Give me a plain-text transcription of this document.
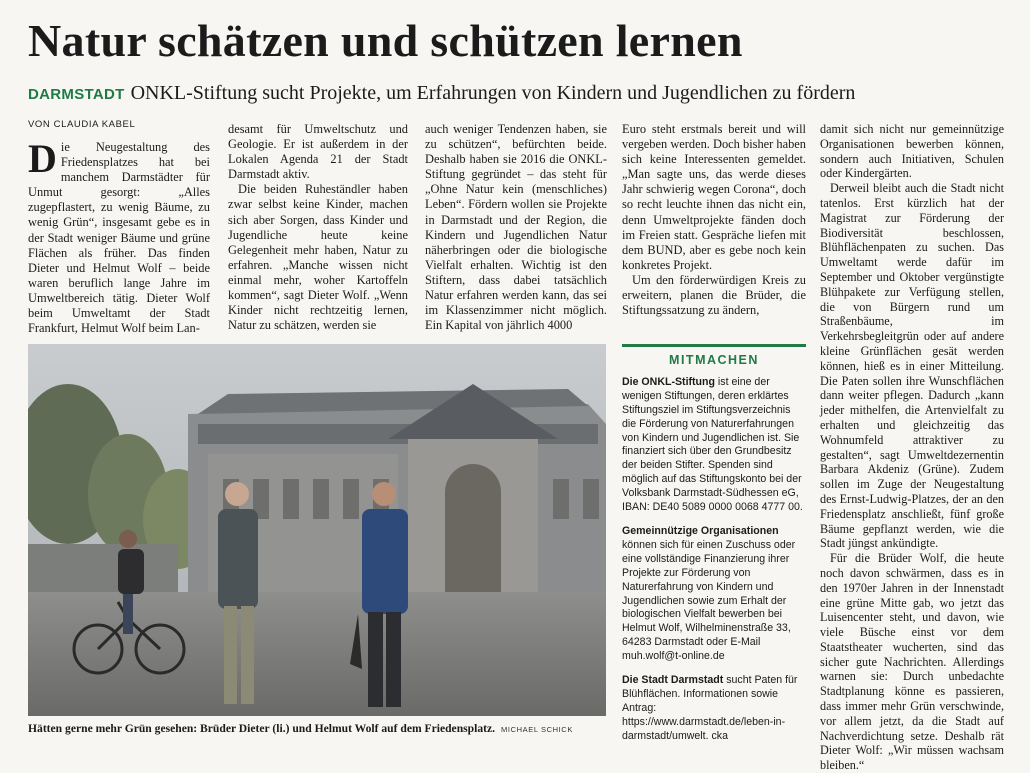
Natur schätzen und schützen lernen
DARMSTADT ONKL-Stiftung sucht Projekte, um Erfahrungen von Kindern und Jugendlichen zu fördern
VON CLAUDIA KABEL

Die Neugestaltung des Friedensplatzes hat bei manchem Darmstädter für Unmut gesorgt: „Alles zugepflastert, zu wenig Bäume, zu wenig Grün“, insgesamt gebe es in der Stadt weniger Bäume und grüne Flächen als früher. Das finden Dieter und Helmut Wolf – beide waren beruflich lange Jahre im Umweltbereich tätig. Dieter Wolf beim Umweltamt der Stadt Frankfurt, Helmut Wolf beim Lan-

desamt für Umweltschutz und Geologie. Er ist außerdem in der Lokalen Agenda 21 der Stadt Darmstadt aktiv.

Die beiden Ruheständler haben zwar selbst keine Kinder, machen sich aber Sorgen, dass Kinder und Jugendliche heute keine Gelegenheit mehr haben, Natur zu erfahren. „Manche wissen nicht einmal mehr, woher Kartoffeln kommen“, sagt Dieter Wolf. „Wenn Kinder nicht rechtzeitig lernen, Natur zu schätzen, werden sie

auch weniger Tendenzen haben, sie zu schützen“, befürchten beide. Deshalb haben sie 2016 die ONKL-Stiftung gegründet – das steht für „Ohne Natur kein (menschliches) Leben“. Fördern wollen sie Projekte in Darmstadt und der Region, die Kindern und Jugendlichen Natur näherbringen oder die biologische Vielfalt erhalten. Wichtig ist den Stiftern, dass dabei tatsächlich Natur erfahren werden kann, das sei im Klassenzimmer nicht möglich. Ein Kapital von jährlich 4000

Euro steht erstmals bereit und will vergeben werden. Doch bisher haben sich keine Interessenten gemeldet. „Man sagte uns, das werde dieses Jahr schwierig wegen Corona“, doch so recht leuchte ihnen das nicht ein, denn Umweltprojekte fänden doch im Freien statt. Gespräche liefen mit dem BUND, aber es gebe noch kein konkretes Projekt.

Um den förderwürdigen Kreis zu erweitern, planen die Brüder, die Stiftungssatzung zu ändern,

damit sich nicht nur gemeinnützige Organisationen bewerben können, sondern auch Initiativen, Schulen oder Kindergärten.

Derweil bleibt auch die Stadt nicht tatenlos. Erst kürzlich hat der Magistrat zur Förderung der Biodiversität beschlossen, Blühflächenpaten zu suchen. Das Umweltamt werde dafür im September und Oktober vergünstigte Blühpakete zur Verfügung stellen, die von Bürgern rund um Straßenbäume, im Verkehrsbegleitgrün oder auf andere kleine Grünflächen gesät werden können, hieß es in einer Mitteilung. Die Paten sollen ihre Wunschflächen dann weiter pflegen. Dadurch „kann jeder mithelfen, die Artenvielfalt zu erhalten und gleichzeitig das Wohnumfeld attraktiver zu gestalten“, sagt Umweltdezernentin Barbara Akdeniz (Grüne). Zudem sollen im Zuge der Neugestaltung des Ernst-Ludwig-Platzes, der an den Friedensplatz anschließt, fünf große Bäume gepflanzt werden, wie die Stadt jüngst ankündigte.

Für die Brüder Wolf, die heute noch davon schwärmen, dass es in den 1970er Jahren in der Innenstadt eine grüne Mitte gab, wo jetzt das Luisencenter steht, und davon, wie viele Büsche einst vor dem Staatstheater wucherten, sind das sicher gute Nachrichten. Allerdings warnen sie: Durch unbedachte Stadtplanung könne es passieren, dass immer mehr Grün verschwinde, vor allem jetzt, da die Stadt auf Nachverdichtung setze. Deshalb rät Dieter Wolf: „Wir müssen wachsam bleiben.“

Hätten gerne mehr Grün gesehen: Brüder Dieter (li.) und Helmut Wolf auf dem Friedensplatz. MICHAEL SCHICK
MITMACHEN

Die ONKL-Stiftung ist eine der wenigen Stiftungen, deren erklärtes Stiftungsziel im Stiftungsverzeichnis die Förderung von Naturerfahrungen von Kindern und Jugendlichen ist. Sie finanziert sich über den Grundbesitz der beiden Stifter. Spenden sind möglich auf das Stiftungskonto bei der Volksbank Darmstadt-Südhessen eG, IBAN: DE40 5089 0000 0068 4777 00.

Gemeinnützige Organisationen können sich für einen Zuschuss oder eine vollständige Finanzierung ihrer Projekte zur Förderung von Naturerfahrung von Kindern und Jugendlichen sowie zum Erhalt der biologischen Vielfalt bewerben bei Helmut Wolf, Wilhelminenstraße 33, 64283 Darmstadt oder E-Mail muh.wolf@t-online.de

Die Stadt Darmstadt sucht Paten für Blühflächen. Informationen sowie Antrag: https://www.darmstadt.de/leben-in-darmstadt/umwelt. cka
